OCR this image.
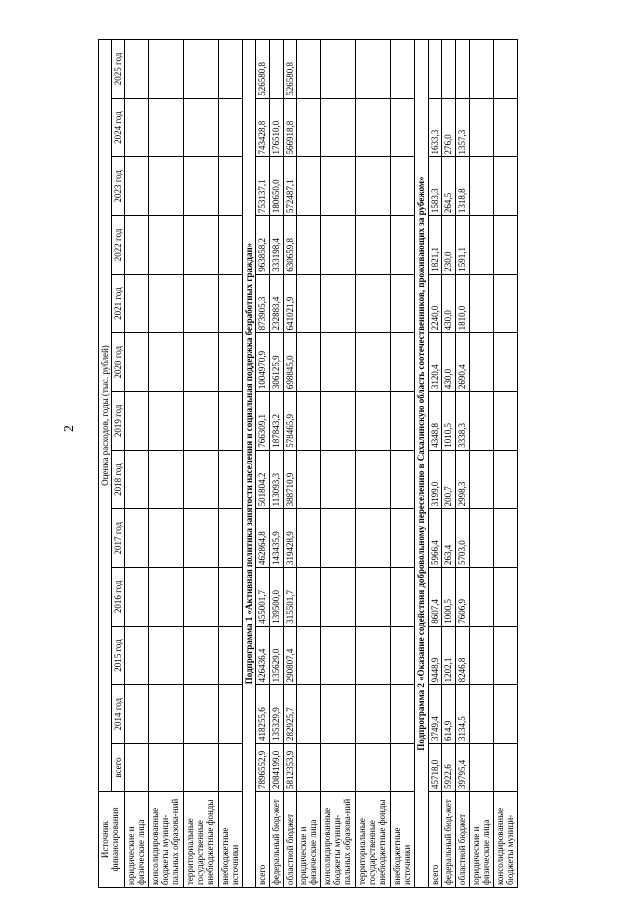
2
Источник финансирования	Оценка расходов, годы (тыс. рублей)												
	всего	2014 год	2015 год	2016 год	2017 год	2018 год	2019 год	2020 год	2021 год	2022 год	2023 год	2024 год	2025 год
юридические и физические лица													
консолидированные бюджеты муници-пальных образова-ний													
территориальные государственные внебюджетные фонды													
внебюджетные источники													
Подпрограмма 1 «Активная политика занятости населения и социальная поддержка безработных граждан»													
всего	7896552,9	418255,6	426436,4	455001,7	462864,8	501804,2	766309,1	1004970,9	873905,3	963858,2	753137,1	743428,8	526580,8
федеральный бюд-жет	2084199,0	135329,9	135629,0	139500,0	143435,9	113093,3	187843,2	306125,9	232883,4	333198,4	180650,0	176510,0	
областной бюджет	5812353,9	282925,7	290807,4	315501,7	319428,9	388710,9	578465,9	698845,0	641021,9	630659,8	572487,1	566918,8	526580,8
юридические и физические лица													
консолидированные бюджеты муници-пальных образова-ний													
территориальные государственные внебюджетные фонды													
внебюджетные источники													
Подпрограмма 2 «Оказание содействия добровольному переселению в Сахалинскую область соотечественников, проживающих за рубежом»													
всего	45718,0	3749,4	9448,9	8607,4	5966,4	3199,0	4348,8	3120,4	2240,0	1821,1	1583,3	1633,3	
федеральный бюд-жет	5922,6	614,9	1202,1	1000,5	263,4	200,7	1010,5	430,0	430,0	230,0	264,5	276,0	
областной бюджет	39795,4	3134,5	8246,8	7606,9	5703,0	2998,3	3338,3	2690,4	1810,0	1591,1	1318,8	1357,3	
юридические и физические лица													
консолидированные бюджеты муници-													
